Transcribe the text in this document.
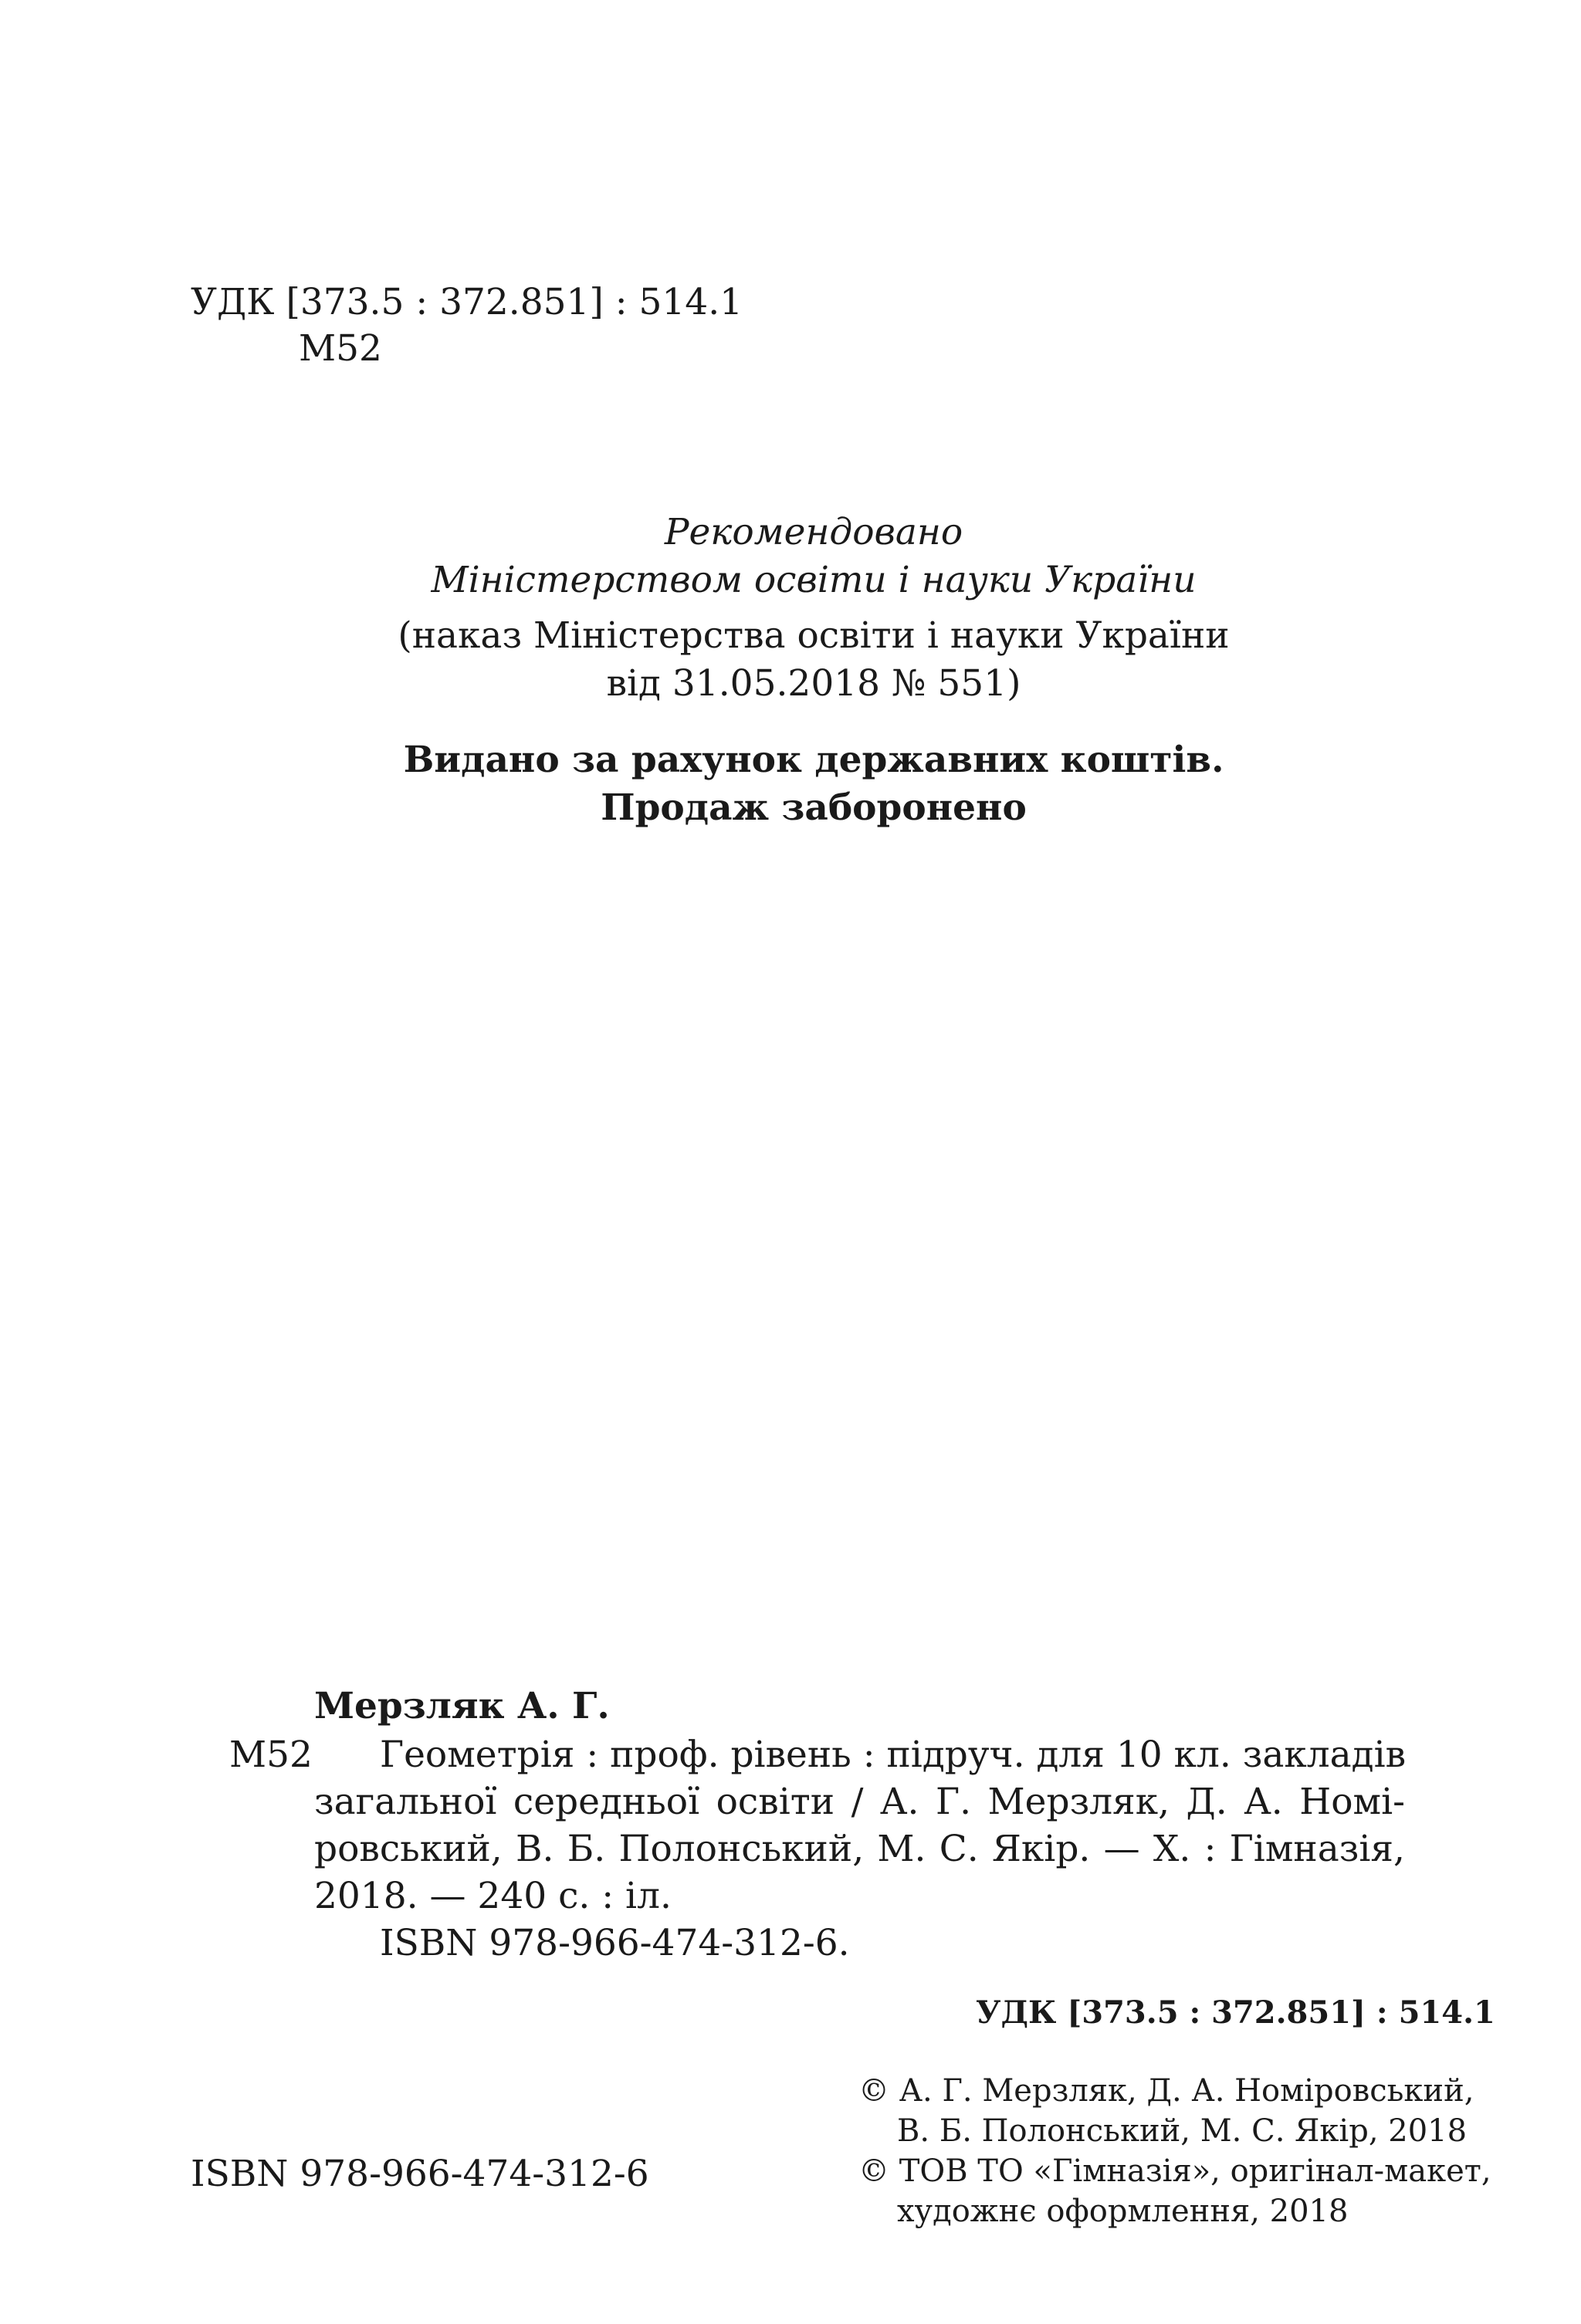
УДК [373.5 : 372.851] : 514.1
М52
Рекомендовано
Міністерством освіти і науки України
(наказ Міністерства освіти і науки України
від 31.05.2018 № 551)
Видано за рахунок державних коштів.
Продаж заборонено
Мерзляк А. Г.
М52 Геометрія : проф. рівень : підруч. для 10 кл. закладів
загальної середньої освіти / А. Г. Мерзляк, Д. А. Номі-
ровський, В. Б. Полонський, М. С. Якір. — Х. : Гімназія,
2018. — 240 с. : іл.
ISBN 978-966-474-312-6.
УДК [373.5 : 372.851] : 514.1
© А. Г. Мерзляк, Д. А. Номіровський,
В. Б. Полонський, М. С. Якір, 2018
© ТОВ ТО «Гімназія», оригінал-макет,
художнє оформлення, 2018
ISBN 978-966-474-312-6
